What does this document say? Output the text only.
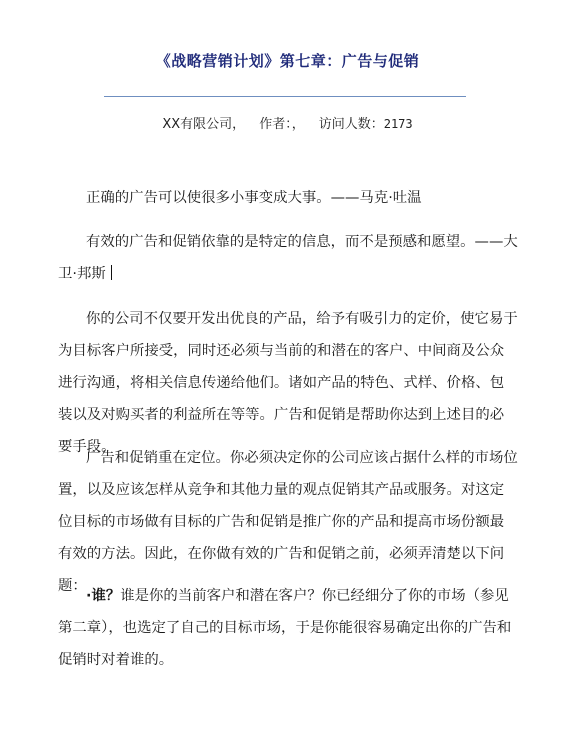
《战略营销计划》第七章：广告与促销
XX有限公司， 作者：， 访问人数：2173
正确的广告可以使很多小事变成大事。——马克·吐温
有效的广告和促销依靠的是特定的信息，而不是预感和愿望。——大卫·邦斯
你的公司不仅要开发出优良的产品，给予有吸引力的定价，使它易于为目标客户所接受，同时还必须与当前的和潜在的客户、中间商及公众进行沟通，将相关信息传递给他们。诸如产品的特色、式样、价格、包装以及对购买者的利益所在等等。广告和促销是帮助你达到上述目的必要手段。
广告和促销重在定位。你必须决定你的公司应该占据什么样的市场位置，以及应该怎样从竞争和其他力量的观点促销其产品或服务。对这定位目标的市场做有目标的广告和促销是推广你的产品和提高市场份额最有效的方法。因此，在你做有效的广告和促销之前，必须弄清楚以下问题：
·谁？谁是你的当前客户和潜在客户？你已经细分了你的市场（参见第二章），也选定了自己的目标市场，于是你能很容易确定出你的广告和促销时对着谁的。
